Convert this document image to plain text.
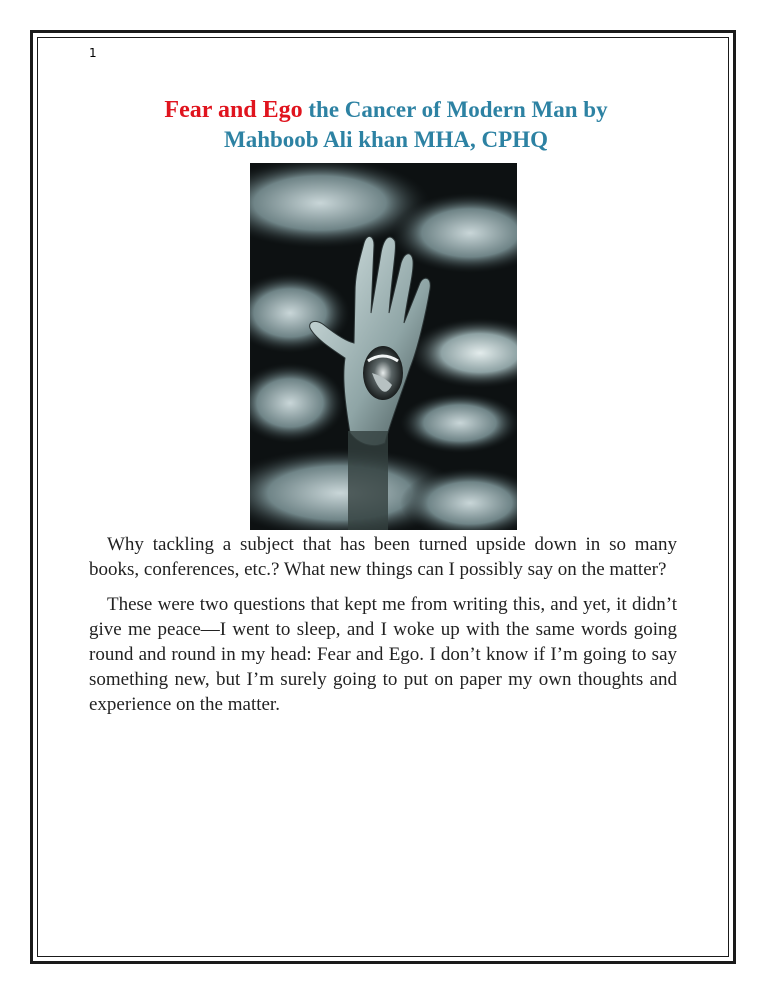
1
Fear and Ego the Cancer of Modern Man by
Mahboob Ali khan MHA, CPHQ

Why tackling a subject that has been turned upside down in so many books, conferences, etc.? What new things can I possibly say on the matter?

These were two questions that kept me from writing this, and yet, it didn’t give me peace—I went to sleep, and I woke up with the same words going round and round in my head: Fear and Ego. I don’t know if I’m going to say something new, but I’m surely going to put on paper my own thoughts and experience on the matter.
